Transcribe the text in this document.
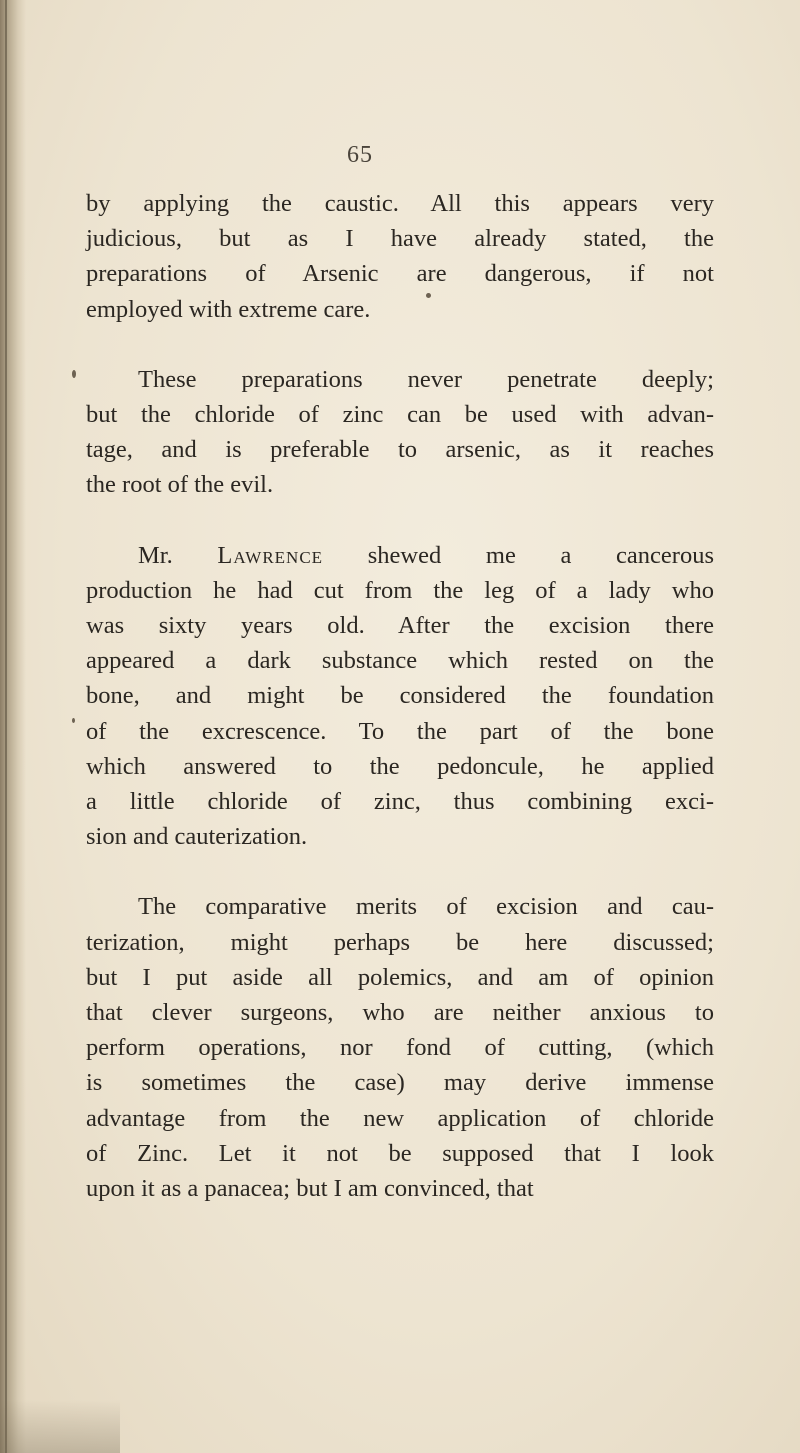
65
by applying the caustic. All this appears very
judicious, but as I have already stated, the
preparations of Arsenic are dangerous, if not
employed with extreme care.
These preparations never penetrate deeply;
but the chloride of zinc can be used with advan-
tage, and is preferable to arsenic, as it reaches
the root of the evil.
Mr. Lawrence shewed me a cancerous
production he had cut from the leg of a lady who
was sixty years old. After the excision there
appeared a dark substance which rested on the
bone, and might be considered the foundation
of the excrescence. To the part of the bone
which answered to the pedoncule, he applied
a little chloride of zinc, thus combining exci-
sion and cauterization.
The comparative merits of excision and cau-
terization, might perhaps be here discussed;
but I put aside all polemics, and am of opinion
that clever surgeons, who are neither anxious to
perform operations, nor fond of cutting, (which
is sometimes the case) may derive immense
advantage from the new application of chloride
of Zinc. Let it not be supposed that I look
upon it as a panacea; but I am convinced, that
